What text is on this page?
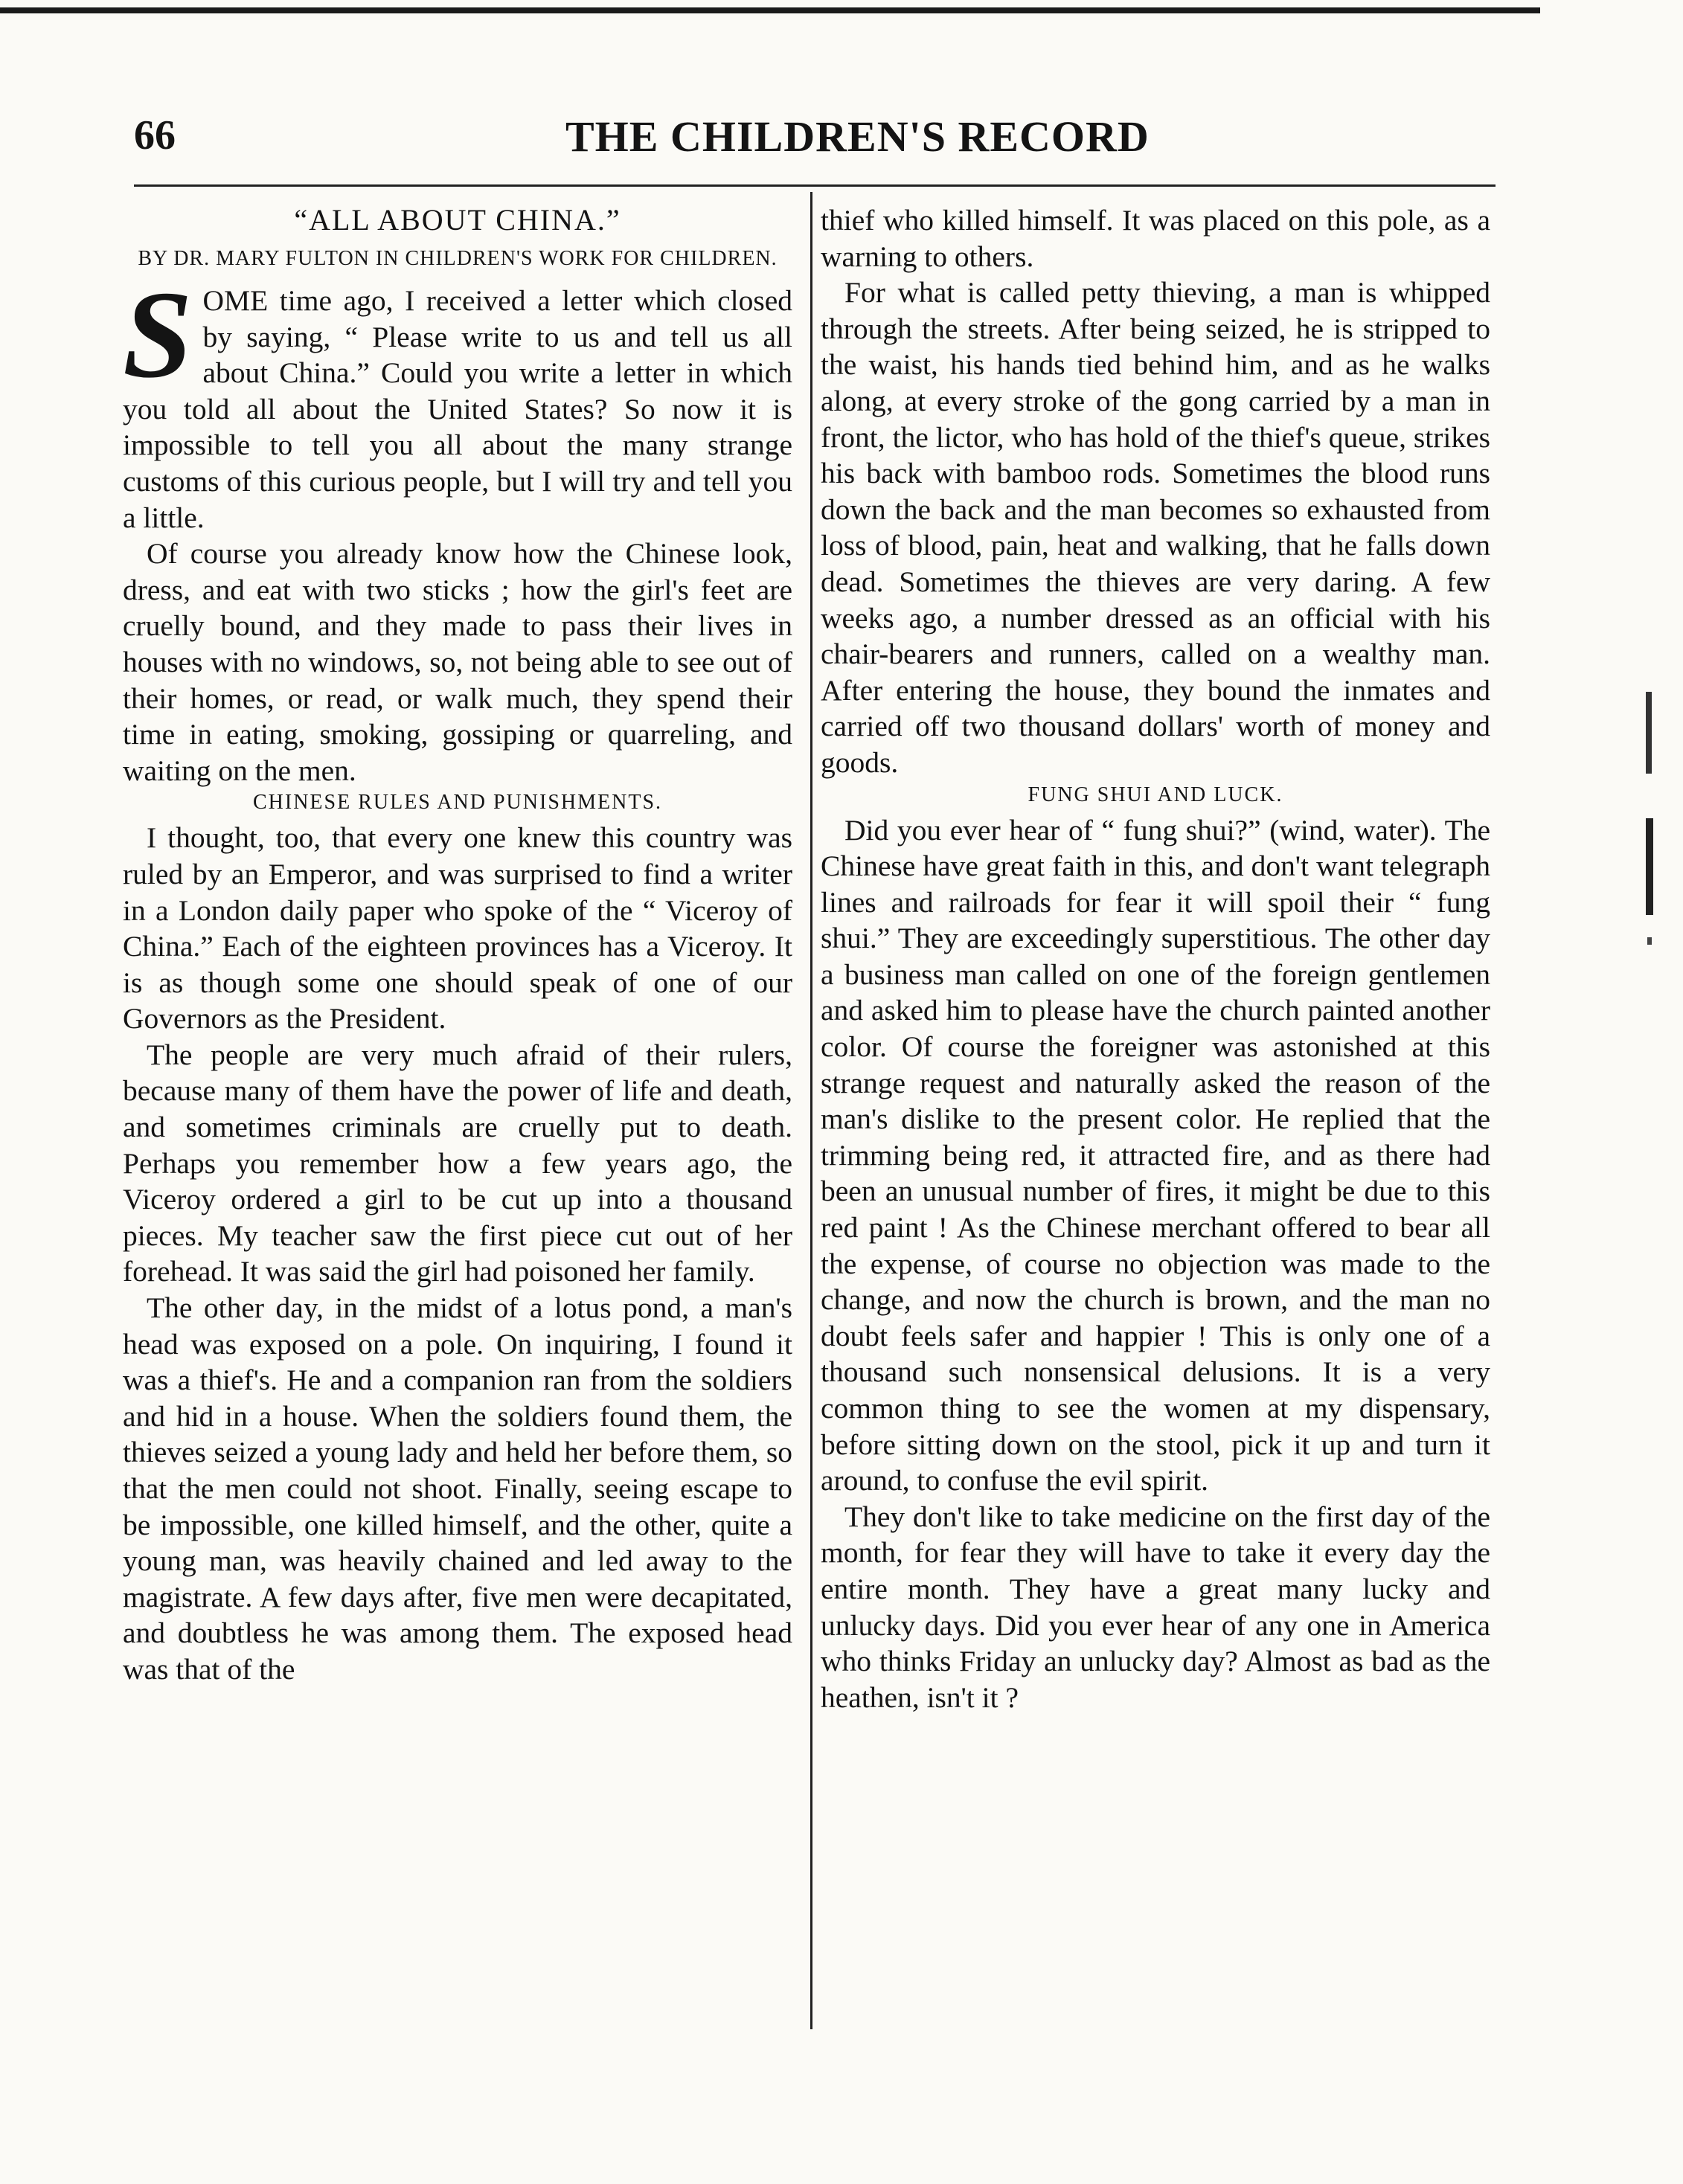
66	THE CHILDREN'S RECORD
“ALL ABOUT CHINA.”
BY DR. MARY FULTON IN CHILDREN'S WORK FOR CHILDREN.

SOME time ago, I received a letter which closed by saying, “ Please write to us and tell us all about China.” Could you write a letter in which you told all about the United States? So now it is impossible to tell you all about the many strange customs of this curious people, but I will try and tell you a little.

Of course you already know how the Chinese look, dress, and eat with two sticks ; how the girl's feet are cruelly bound, and they made to pass their lives in houses with no windows, so, not being able to see out of their homes, or read, or walk much, they spend their time in eating, smoking, gossiping or quarreling, and waiting on the men.

CHINESE RULES AND PUNISHMENTS.

I thought, too, that every one knew this country was ruled by an Emperor, and was surprised to find a writer in a London daily paper who spoke of the “ Viceroy of China.” Each of the eighteen provinces has a Viceroy. It is as though some one should speak of one of our Governors as the President.

The people are very much afraid of their rulers, because many of them have the power of life and death, and sometimes criminals are cruelly put to death. Perhaps you remember how a few years ago, the Viceroy ordered a girl to be cut up into a thousand pieces. My teacher saw the first piece cut out of her forehead. It was said the girl had poisoned her family.

The other day, in the midst of a lotus pond, a man's head was exposed on a pole. On inquiring, I found it was a thief's. He and a companion ran from the soldiers and hid in a house. When the soldiers found them, the thieves seized a young lady and held her before them, so that the men could not shoot. Finally, seeing escape to be impossible, one killed himself, and the other, quite a young man, was heavily chained and led away to the magistrate. A few days after, five men were decapitated, and doubtless he was among them. The exposed head was that of the

thief who killed himself. It was placed on this pole, as a warning to others.

For what is called petty thieving, a man is whipped through the streets. After being seized, he is stripped to the waist, his hands tied behind him, and as he walks along, at every stroke of the gong carried by a man in front, the lictor, who has hold of the thief's queue, strikes his back with bamboo rods. Sometimes the blood runs down the back and the man becomes so exhausted from loss of blood, pain, heat and walking, that he falls down dead. Sometimes the thieves are very daring. A few weeks ago, a number dressed as an official with his chair-bearers and runners, called on a wealthy man. After entering the house, they bound the inmates and carried off two thousand dollars' worth of money and goods.

FUNG SHUI AND LUCK.

Did you ever hear of “ fung shui?” (wind, water). The Chinese have great faith in this, and don't want telegraph lines and railroads for fear it will spoil their “ fung shui.” They are exceedingly superstitious. The other day a business man called on one of the foreign gentlemen and asked him to please have the church painted another color. Of course the foreigner was astonished at this strange request and naturally asked the reason of the man's dislike to the present color. He replied that the trimming being red, it attracted fire, and as there had been an unusual number of fires, it might be due to this red paint ! As the Chinese merchant offered to bear all the expense, of course no objection was made to the change, and now the church is brown, and the man no doubt feels safer and happier ! This is only one of a thousand such nonsensical delusions. It is a very common thing to see the women at my dispensary, before sitting down on the stool, pick it up and turn it around, to confuse the evil spirit.

They don't like to take medicine on the first day of the month, for fear they will have to take it every day the entire month. They have a great many lucky and unlucky days. Did you ever hear of any one in America who thinks Friday an unlucky day? Almost as bad as the heathen, isn't it ?
